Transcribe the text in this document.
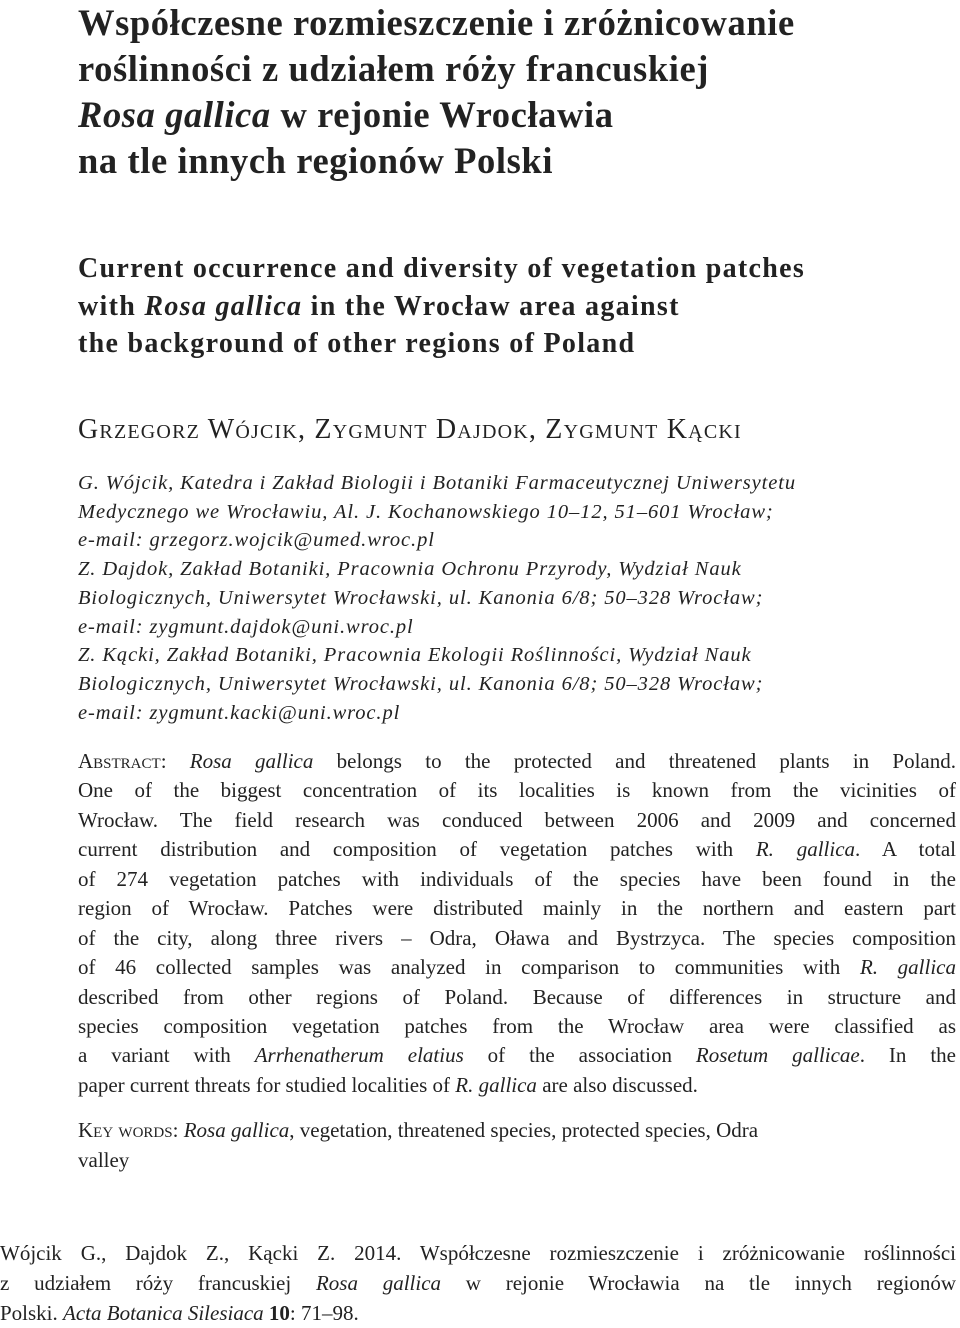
Współczesne rozmieszczenie i zróżnicowanie
roślinności z udziałem róży francuskiej
Rosa gallica w rejonie Wrocławia
na tle innych regionów Polski
Current occurrence and diversity of vegetation patches
with Rosa gallica in the Wrocław area against
the background of other regions of Poland
Grzegorz Wójcik, Zygmunt Dajdok, Zygmunt Kącki
G. Wójcik, Katedra i Zakład Biologii i Botaniki Farmaceutycznej Uniwersytetu
Medycznego we Wrocławiu, Al. J. Kochanowskiego 10–12, 51–601 Wrocław;
e-mail: grzegorz.wojcik@umed.wroc.pl
Z. Dajdok, Zakład Botaniki, Pracownia Ochronu Przyrody, Wydział Nauk
Biologicznych, Uniwersytet Wrocławski, ul. Kanonia 6/8; 50–328 Wrocław;
e-mail: zygmunt.dajdok@uni.wroc.pl
Z. Kącki, Zakład Botaniki, Pracownia Ekologii Roślinności, Wydział Nauk
Biologicznych, Uniwersytet Wrocławski, ul. Kanonia 6/8; 50–328 Wrocław;
e-mail: zygmunt.kacki@uni.wroc.pl
Abstract: Rosa gallica belongs to the protected and threatened plants in Poland.
One of the biggest concentration of its localities is known from the vicinities of
Wrocław. The field research was conduced between 2006 and 2009 and concerned
current distribution and composition of vegetation patches with R. gallica. A total
of 274 vegetation patches with individuals of the species have been found in the
region of Wrocław. Patches were distributed mainly in the northern and eastern part
of the city, along three rivers – Odra, Oława and Bystrzyca. The species composition
of 46 collected samples was analyzed in comparison to communities with R. gallica
described from other regions of Poland. Because of differences in structure and
species composition vegetation patches from the Wrocław area were classified as
a variant with Arrhenatherum elatius of the association Rosetum gallicae. In the
paper current threats for studied localities of R. gallica are also discussed.
Key words: Rosa gallica, vegetation, threatened species, protected species, Odra
valley
Wójcik G., Dajdok Z., Kącki Z. 2014. Współczesne rozmieszczenie i zróżnicowanie roślinności
z udziałem róży francuskiej Rosa gallica w rejonie Wrocławia na tle innych regionów
Polski. Acta Botanica Silesiaca 10: 71–98.
